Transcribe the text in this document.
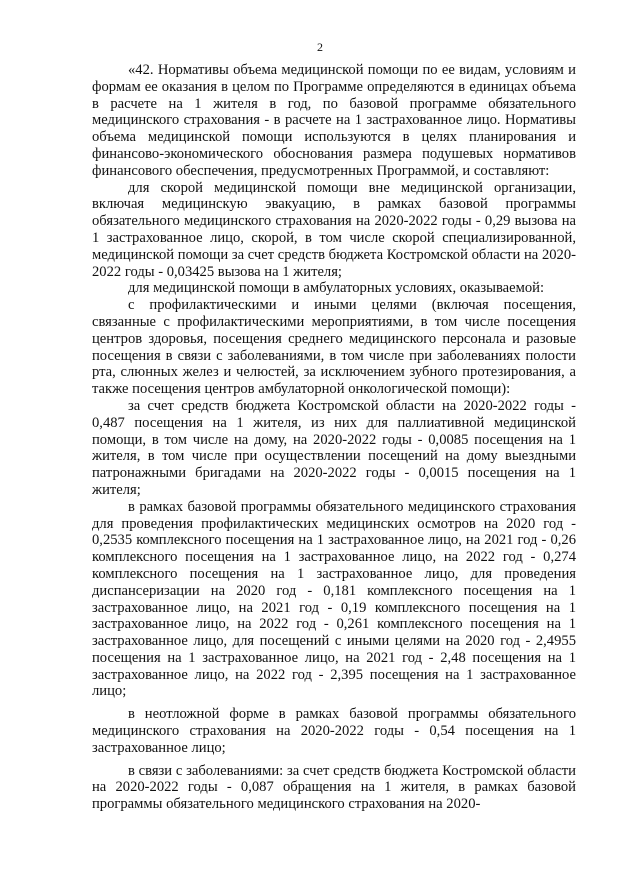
2

«42. Нормативы объема медицинской помощи по ее видам, условиям и формам ее оказания в целом по Программе определяются в единицах объема в расчете на 1 жителя в год, по базовой программе обязательного медицинского страхования - в расчете на 1 застрахованное лицо. Нормативы объема медицинской помощи используются в целях планирования и финансово-экономического обоснования размера подушевых нормативов финансового обеспечения, предусмотренных Программой, и составляют:

для скорой медицинской помощи вне медицинской организации, включая медицинскую эвакуацию, в рамках базовой программы обязательного медицинского страхования на 2020-2022 годы - 0,29 вызова на 1 застрахованное лицо, скорой, в том числе скорой специализированной, медицинской помощи за счет средств бюджета Костромской области на 2020-2022 годы - 0,03425 вызова на 1 жителя;

для медицинской помощи в амбулаторных условиях, оказываемой:

с профилактическими и иными целями (включая посещения, связанные с профилактическими мероприятиями, в том числе посещения центров здоровья, посещения среднего медицинского персонала и разовые посещения в связи с заболеваниями, в том числе при заболеваниях полости рта, слюнных желез и челюстей, за исключением зубного протезирования, а также посещения центров амбулаторной онкологической помощи):

за счет средств бюджета Костромской области на 2020-2022 годы - 0,487 посещения на 1 жителя, из них для паллиативной медицинской помощи, в том числе на дому, на 2020-2022 годы - 0,0085 посещения на 1 жителя, в том числе при осуществлении посещений на дому выездными патронажными бригадами на 2020-2022 годы - 0,0015 посещения на 1 жителя;

в рамках базовой программы обязательного медицинского страхования для проведения профилактических медицинских осмотров на 2020 год - 0,2535 комплексного посещения на 1 застрахованное лицо, на 2021 год - 0,26 комплексного посещения на 1 застрахованное лицо, на 2022 год - 0,274 комплексного посещения на 1 застрахованное лицо, для проведения диспансеризации на 2020 год - 0,181 комплексного посещения на 1 застрахованное лицо, на 2021 год - 0,19 комплексного посещения на 1 застрахованное лицо, на 2022 год - 0,261 комплексного посещения на 1 застрахованное лицо, для посещений с иными целями на 2020 год - 2,4955 посещения на 1 застрахованное лицо, на 2021 год - 2,48 посещения на 1 застрахованное лицо, на 2022 год - 2,395 посещения на 1 застрахованное лицо;

в неотложной форме в рамках базовой программы обязательного медицинского страхования на 2020-2022 годы - 0,54 посещения на 1 застрахованное лицо;

в связи с заболеваниями: за счет средств бюджета Костромской области на 2020-2022 годы - 0,087 обращения на 1 жителя, в рамках базовой программы обязательного медицинского страхования на 2020-
